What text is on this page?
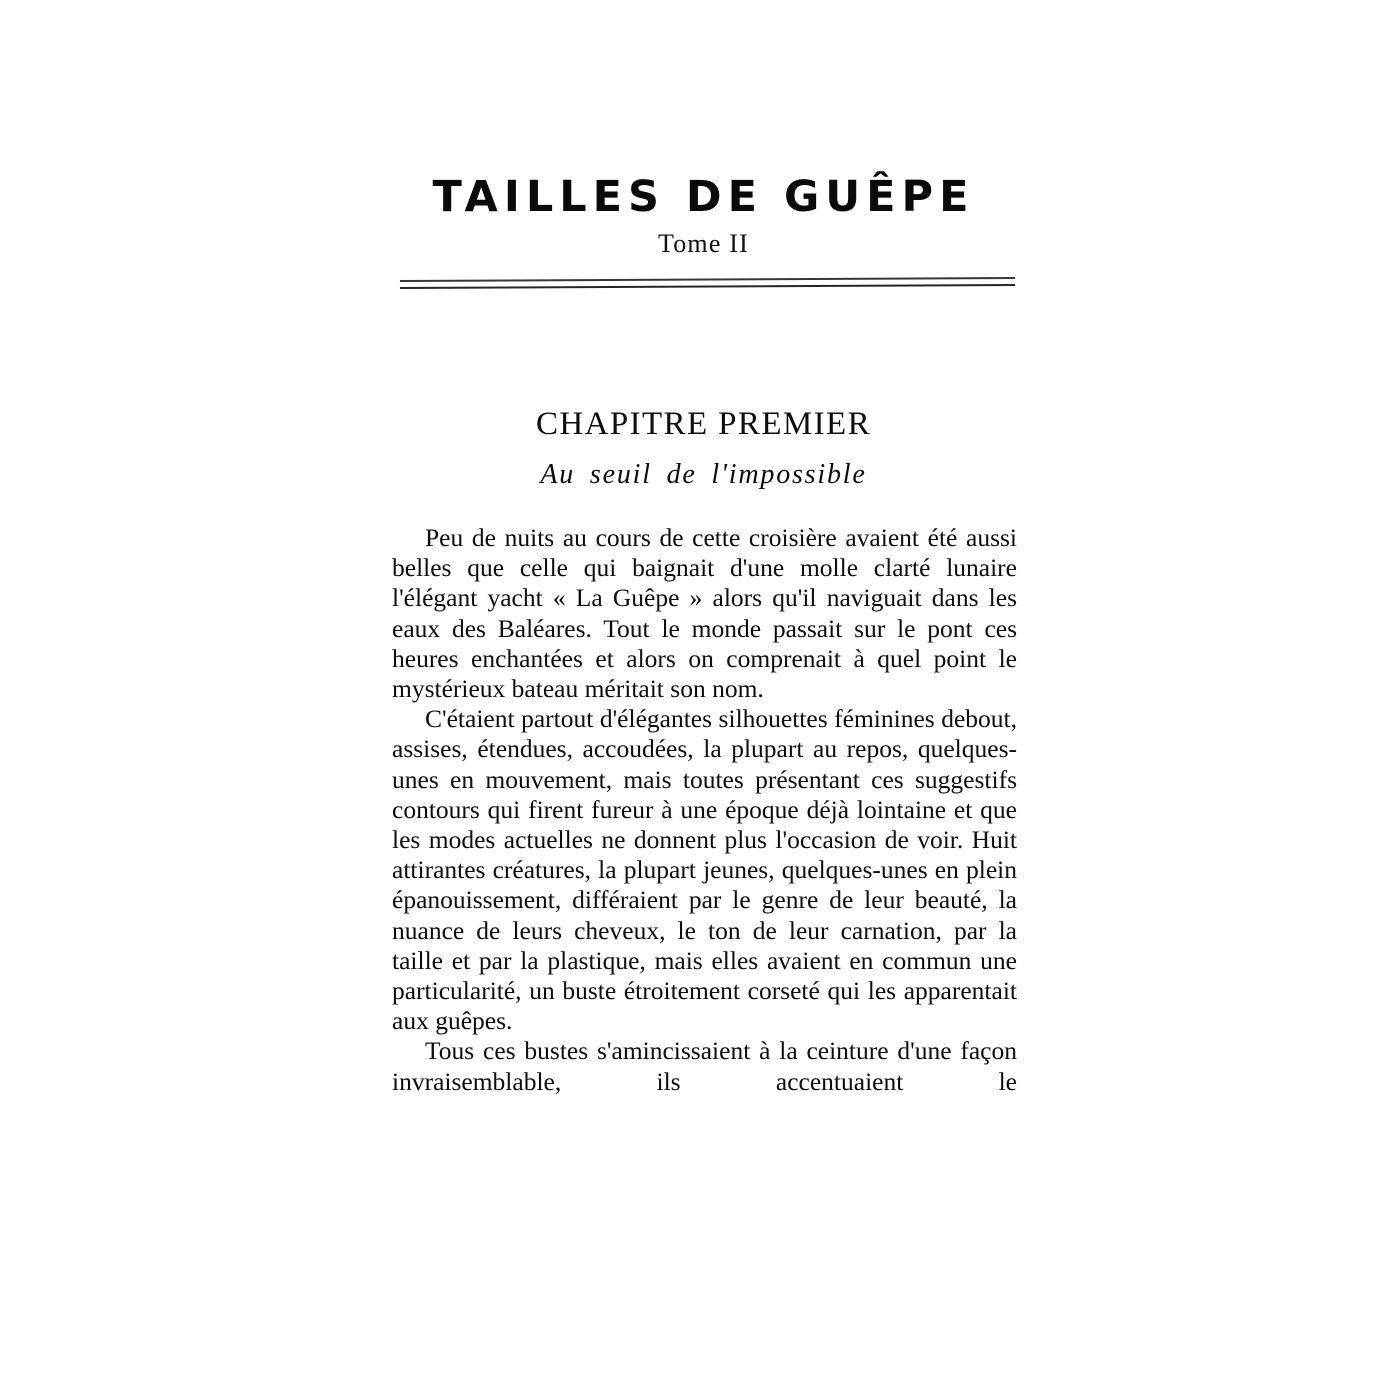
TAILLES DE GUÊPE
Tome II
CHAPITRE PREMIER
Au seuil de l'impossible

Peu de nuits au cours de cette croisière avaient été aussi belles que celle qui baignait d'une molle clarté lunaire l'élégant yacht « La Guêpe » alors qu'il naviguait dans les eaux des Baléares. Tout le monde passait sur le pont ces heures enchantées et alors on comprenait à quel point le mystérieux bateau méritait son nom.

C'étaient partout d'élégantes silhouettes féminines debout, assises, étendues, accoudées, la plupart au repos, quelques-unes en mouvement, mais toutes présentant ces suggestifs contours qui firent fureur à une époque déjà lointaine et que les modes actuelles ne donnent plus l'occasion de voir. Huit attirantes créatures, la plupart jeunes, quelques-unes en plein épanouissement, différaient par le genre de leur beauté, la nuance de leurs cheveux, le ton de leur carnation, par la taille et par la plastique, mais elles avaient en commun une particularité, un buste étroitement corseté qui les apparentait aux guêpes.

Tous ces bustes s'amincissaient à la ceinture d'une façon invraisemblable, ils accentuaient le
